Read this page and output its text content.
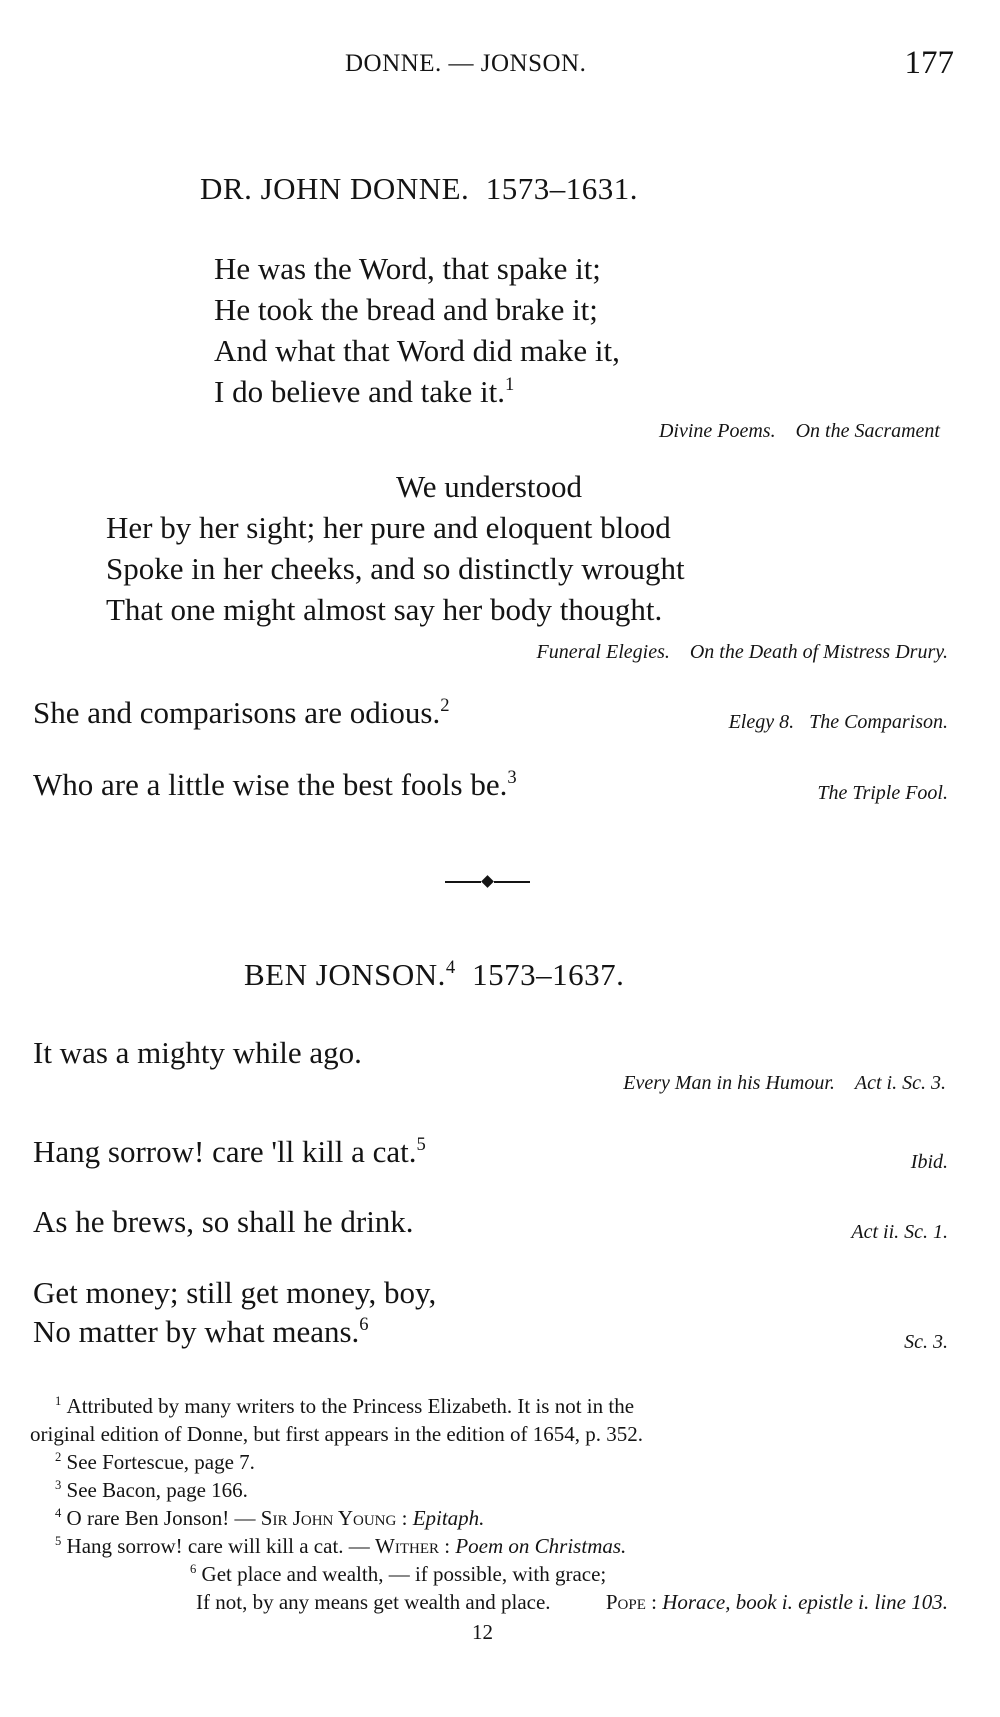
DONNE. — JONSON.	177
DR. JOHN DONNE. 1573–1631.
He was the Word, that spake it;
He took the bread and brake it;
And what that Word did make it,
I do believe and take it.$^1$
Divine Poems. On the Sacrament
We understood
Her by her sight; her pure and eloquent blood
Spoke in her cheeks, and so distinctly wrought
That one might almost say her body thought.
Funeral Elegies. On the Death of Mistress Drury.
She and comparisons are odious.$^2$
Elegy 8. The Comparison.
Who are a little wise the best fools be.$^3$
The Triple Fool.
BEN JONSON.$^4$ 1573–1637.
It was a mighty while ago.
Every Man in his Humour. Act i. Sc. 3.
Hang sorrow! care 'll kill a cat.$^5$
Ibid.
As he brews, so shall he drink.	Act ii. Sc. 1.
Get money; still get money, boy,
No matter by what means.$^6$
Sc. 3.
$^1$ Attributed by many writers to the Princess Elizabeth. It is not in the
original edition of Donne, but first appears in the edition of 1654, p. 352.
$^2$ See Fortescue, page 7.
$^3$ See Bacon, page 166.
$^4$ O rare Ben Jonson! — Sir John Young : Epitaph.
$^5$ Hang sorrow! care will kill a cat. — Wither : Poem on Christmas.
$^6$ Get place and wealth, — if possible, with grace;
If not, by any means get wealth and place.	Pope : Horace, book i. epistle i. line 103.
12
